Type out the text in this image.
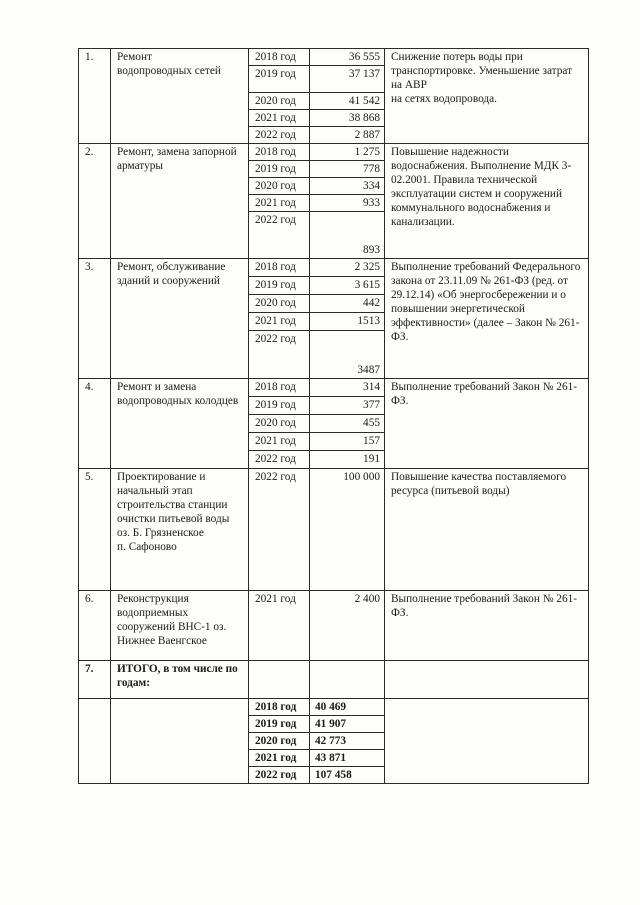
1.	Ремонт
водопроводных сетей	2018 год	36 555	Снижение потерь воды при транспортировке. Уменьшение затрат на АВР
на сетях водопровода.
		2019 год	37 137	
		2020 год	41 542	
		2021 год	38 868	
		2022 год	2 887	
2.	Ремонт, замена запорной арматуры	2018 год	1 275	Повышение надежности водоснабжения. Выполнение МДК 3-02.2001. Правила технической эксплуатации систем и сооружений коммунального водоснабжения и канализации.
		2019 год	778	
		2020 год	334	
		2021 год	933	
		2022 год	893	
3.	Ремонт, обслуживание зданий и сооружений	2018 год	2 325	Выполнение требований Федерального закона от 23.11.09 № 261-ФЗ (ред. от 29.12.14) «Об энергосбережении и о повышении энергетической эффективности» (далее – Закон № 261- ФЗ.
		2019 год	3 615	
		2020 год	442	
		2021 год	1513	
		2022 год	3487	
4.	Ремонт и замена водопроводных колодцев	2018 год	314	Выполнение требований Закон № 261- ФЗ.
		2019 год	377	
		2020 год	455	
		2021 год	157	
		2022 год	191	
5.	Проектирование и начальный этап строительства станции очистки питьевой воды
оз. Б. Грязненское
п. Сафоново	2022 год	100 000	Повышение качества поставляемого ресурса (питьевой воды)
6.	Реконструкция водоприемных сооружений ВНС-1 оз. Нижнее Ваенгское	2021 год	2 400	Выполнение требований Закон № 261- ФЗ.
7.	ИТОГО, в том числе по годам:			
		2018 год	40 469	
		2019 год	41 907	
		2020 год	42 773	
		2021 год	43 871	
		2022 год	107 458	
